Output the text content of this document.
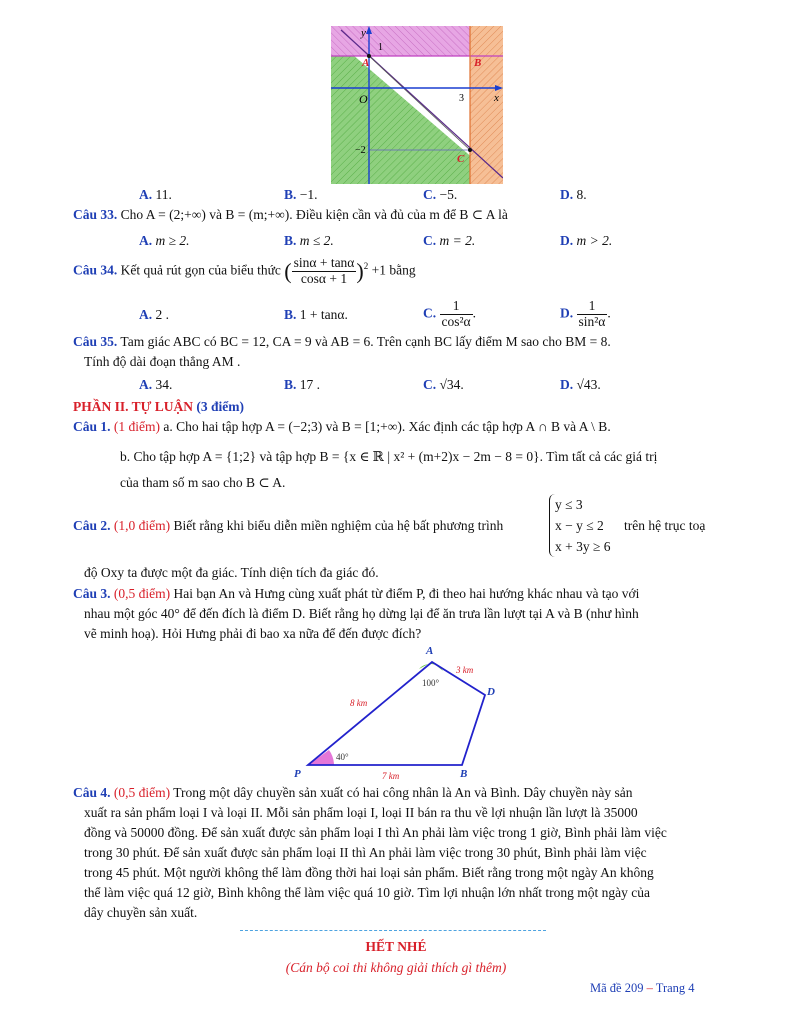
y
x
1
A	B
O	3
−2
C
A. 11.	B. −1.	C. −5.	D. 8.
Câu 33. Cho A = (2;+∞) và B = (m;+∞). Điều kiện cần và đủ của m để B ⊂ A là
A. m ≥ 2.	B. m ≤ 2.	C. m = 2.	D. m > 2.
Câu 34. Kết quả rút gọn của biểu thức ( $\frac{\sin\alpha + \tan\alpha}{\cos\alpha + 1} )^2 +1$ bằng
A. 2 .	B. 1 + tanα.	C. $\frac{1}{\text{cos²α}}$ .	D. $\frac{1}{\text{sin²α}}$ .
Câu 35. Tam giác ABC có BC = 12, CA = 9 và AB = 6. Trên cạnh BC lấy điểm M sao cho BM = 8.
Tính độ dài đoạn thẳng AM .
A. 34.	B. 17 .	C. √34.	D. √43.
PHẦN II. TỰ LUẬN (3 điểm)
Câu 1. (1 điểm) a. Cho hai tập hợp A = (−2;3) và B = [1;+∞). Xác định các tập hợp A ∩ B và A \ B.
b. Cho tập hợp A = {1;2} và tập hợp B = {x ∈ ℝ | x² + (m+2)x − 2m − 8 = 0}. Tìm tất cả các giá trị
của tham số m sao cho B ⊂ A.
Câu 2. (1,0 điểm) Biết rằng khi biểu diễn miền nghiệm của hệ bất phương trình
y ≤ 3
x − y ≤ 2
x + 3y ≥ 6
trên hệ trục toạ
độ Oxy ta được một đa giác. Tính diện tích đa giác đó.
Câu 3. (0,5 điểm) Hai bạn An và Hưng cùng xuất phát từ điểm P, đi theo hai hướng khác nhau và tạo với
nhau một góc 40° để đến đích là điểm D. Biết rằng họ dừng lại để ăn trưa lần lượt tại A và B (như hình
vẽ minh hoạ). Hỏi Hưng phải đi bao xa nữa để đến được đích?
A
D
P	B
8 km
3 km
7 km
100°
40°
Câu 4. (0,5 điểm) Trong một dây chuyền sản xuất có hai công nhân là An và Bình. Dây chuyền này sản
xuất ra sản phẩm loại I và loại II. Mỗi sản phẩm loại I, loại II bán ra thu về lợi nhuận lần lượt là 35000
đồng và 50000 đồng. Để sản xuất được sản phẩm loại I thì An phải làm việc trong 1 giờ, Bình phải làm việc
trong 30 phút. Để sản xuất được sản phẩm loại II thì An phải làm việc trong 30 phút, Bình phải làm việc
trong 45 phút. Một người không thể làm đồng thời hai loại sản phẩm. Biết rằng trong một ngày An không
thể làm việc quá 12 giờ, Bình không thể làm việc quá 10 giờ. Tìm lợi nhuận lớn nhất trong một ngày của
dây chuyền sản xuất.
HẾT NHÉ
(Cán bộ coi thi không giải thích gì thêm)
Mã đề 209 – Trang 4
